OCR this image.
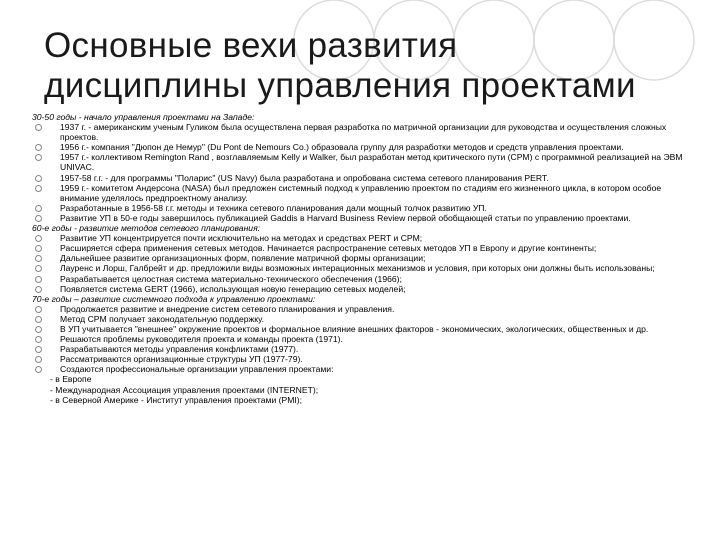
Основные вехи развития
дисциплины управления проектами

30-50 годы - начало управления проектами на Западе:

1937 г. - американским ученым Гуликом была осуществлена первая разработка по матричной организации для руководства и осуществления сложных проектов.

1956 г.- компания "Дюпон де Немур" (Du Pont de Nemours Co.) образовала группу для разработки методов и средств управления проектами.

1957 г.- коллективом Remington Rand , возглавляемым Kelly и Walker, был разработан метод критического пути (CPM) с программной реализацией на ЭВМ UNIVAC.

1957-58 г.г. - для программы "Поларис" (US Navy) была разработана и опробована система сетевого планирования PERT.

1959 г.- комитетом Андерсона (NASA) был предложен системный подход к управлению проектом по стадиям его жизненного цикла, в котором особое внимание уделялось предпроектному анализу.

Разработанные в 1956-58 г.г. методы и техника сетевого планирования дали мощный толчок развитию УП.

Развитие УП в 50-е годы завершилось публикацией Gaddis в Harvard Business Review первой обобщающей статьи по управлению проектами.

60-е годы - развитие методов сетевого планирования:

Развитие УП концентрируется почти исключительно на методах и средствах PERT и CPM;

Расширяется сфера применения сетевых методов. Начинается распространение сетевых методов УП в Европу и другие континенты;

Дальнейшее развитие организационных форм, появление матричной формы организации;

Лауренс и Лорш, Галбрейт и др. предложили виды возможных интерационных механизмов и условия, при которых они должны быть использованы;

Разрабатывается целостная система материально-технического обеспечения (1966);

Появляется система GERT (1966), использующая новую генерацию сетевых моделей;

70-е годы – развитие системного подхода к управлению проектами:

Продолжается развитие и внедрение систем сетевого планирования и управления.

Метод CPM получает законодательную поддержку.

В УП учитывается "внешнее" окружение проектов и формальное влияние внешних факторов - экономических, экологических, общественных и др.

Решаются проблемы руководителя проекта и команды проекта (1971).

Разрабатываются методы управления конфликтами (1977).

Рассматриваются организационные структуры УП (1977-79).

Создаются профессиональные организации управления проектами:

- в Европе

- Международная Ассоциация управления проектами (INTERNET);

- в Северной Америке - Институт управления проектами (PMI);
